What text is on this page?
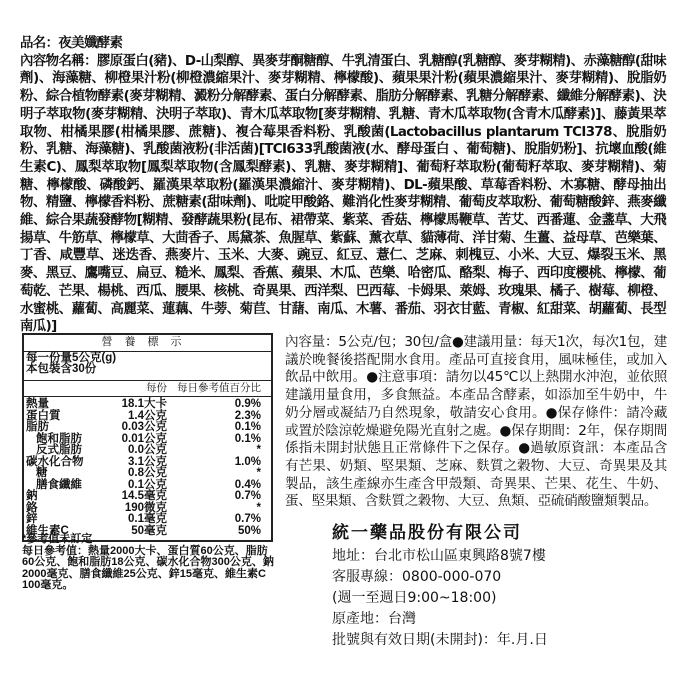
品名：夜美孅酵素
內容物名稱：膠原蛋白(豬)、D-山梨醇、異麥芽酮糖醇、牛乳清蛋白、乳糖醇(乳糖醇、麥芽糊精)、赤藻糖醇(甜味劑)、海藻糖、柳橙果汁粉(柳橙濃縮果汁、麥芽糊精、檸檬酸)、蘋果果汁粉(蘋果濃縮果汁、麥芽糊精)、脫脂奶粉、綜合植物酵素(麥芽糊精、澱粉分解酵素、蛋白分解酵素、脂肪分解酵素、乳糖分解酵素、纖維分解酵素)、決明子萃取物(麥芽糊精、決明子萃取)、青木瓜萃取物[麥芽糊精、乳糖、青木瓜萃取物(含青木瓜酵素)]、藤黃果萃取物、柑橘果膠(柑橘果膠、蔗糖)、複合莓果香料粉、乳酸菌(Lactobacillus plantarum TCI378、脫脂奶粉、乳糖、海藻糖)、乳酸菌液粉(非活菌)[TCI633乳酸菌液(水、酵母蛋白 、葡萄糖)、脫脂奶粉]、抗壞血酸(維生素C)、鳳梨萃取物[鳳梨萃取物(含鳳梨酵素)、乳糖、麥芽糊精]、葡萄籽萃取粉(葡萄籽萃取、麥芽糊精)、菊糖、檸檬酸、磷酸鈣、羅漢果萃取粉(羅漢果濃縮汁、麥芽糊精)、DL-蘋果酸、草莓香料粉、木寡糖、酵母抽出物、精鹽、檸檬香料粉、蔗糖素(甜味劑)、吡啶甲酸鉻、難消化性麥芽糊精、葡萄皮萃取粉、葡萄糖酸鋅、燕麥纖維、綜合果蔬發酵物[糊精、發酵蔬果粉(昆布、裙帶菜、紫菜、香菇、檸檬馬鞭草、苦艾、西番蓮、金盞草、大飛揚草、牛筋草、檸檬草、大茴香子、馬黛茶、魚腥草、紫蘇、薰衣草、貓薄荷、洋甘菊、生薑、益母草、芭樂葉、丁香、咸豐草、迷迭香、燕麥片、玉米、大麥、豌豆、紅豆、薏仁、芝麻、刺槐豆、小米、大豆、爆裂玉米、黑麥、黑豆、鷹嘴豆、扁豆、糙米、鳳梨、香蕉、蘋果、木瓜、芭樂、哈密瓜、酪梨、梅子、西印度櫻桃、檸檬、葡萄乾、芒果、楊桃、西瓜、腰果、核桃、奇異果、西洋梨、巴西莓、卡姆果、萊姆、玫瑰果、橘子、樹莓、柳橙、水蜜桃、蘿蔔、高麗菜、蓮藕、牛蒡、菊苣、甘藷、南瓜、木薯、番茄、羽衣甘藍、青椒、紅甜菜、胡蘿蔔、長型南瓜)]
營養標示
每一份量5公克(g)
本包裝含30份
每份 每日參考值百分比
熱量	18.1大卡	0.9%
蛋白質	1.4公克	2.3%
脂肪	0.03公克	0.1%
飽和脂肪	0.01公克	0.1%
反式脂肪	0.0公克	*
碳水化合物	3.1公克	1.0%
糖	0.8公克	*
膳食纖維	0.1公克	0.4%
鈉	14.5毫克	0.7%
鉻	190微克	*
鋅	0.1毫克	0.7%
維生素C	50毫克	50%
*參考值未訂定
每日參考值：熱量2000大卡、蛋白質60公克、脂肪60公克、飽和脂肪18公克、碳水化合物300公克、鈉 2000毫克、膳食纖維25公克、鋅15毫克、維生素C 100毫克。
內容量：5公克/包；30包/盒●建議用量：每天1次，每次1包，建議於晚餐後搭配開水食用。產品可直接食用，風味極佳，或加入飲品中飲用。●注意事項：請勿以45℃以上熱開水沖泡，並依照建議用量食用，多食無益。本產品含酵素，如添加至牛奶中，牛奶分層或凝結乃自然現象，敬請安心食用。●保存條件：請冷藏或置於陰涼乾燥避免陽光直射之處。●保存期間：2年，保存期間係指未開封狀態且正常條件下之保存。●過敏原資訊：本產品含有芒果、奶類、堅果類、芝麻、麩質之穀物、大豆、奇異果及其製品，該生產線亦生產含甲殼類、奇異果、芒果、花生、牛奶、蛋、堅果類、含麩質之穀物、大豆、魚類、亞硫硝酸鹽類製品。
統一藥品股份有限公司
地址：台北市松山區東興路8號7樓
客服專線：0800-000-070
(週一至週日9:00~18:00)
原產地：台灣
批號與有效日期(未開封)：年.月.日
